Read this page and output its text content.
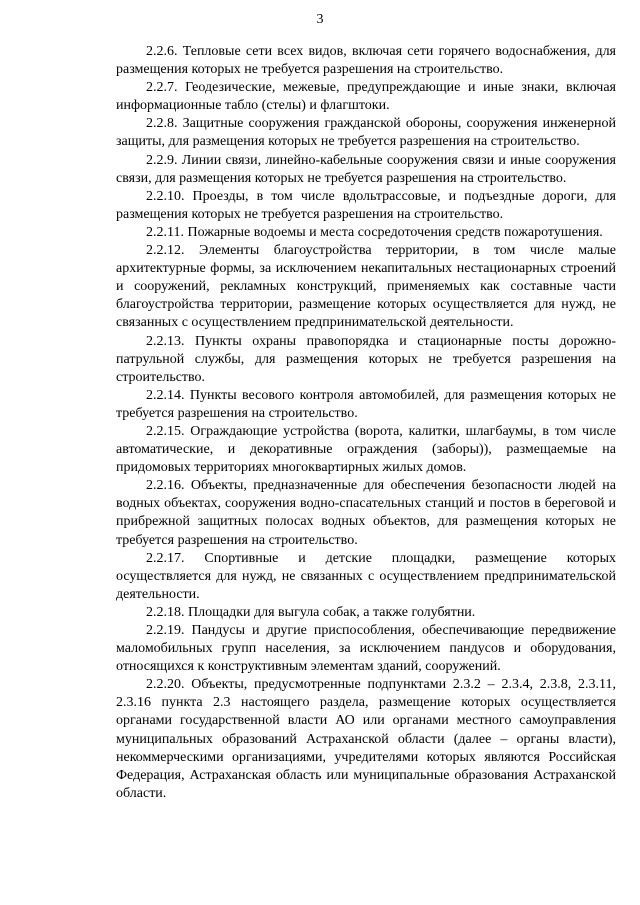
3

2.2.6. Тепловые сети всех видов, включая сети горячего водоснабжения, для размещения которых не требуется разрешения на строительство.

2.2.7. Геодезические, межевые, предупреждающие и иные знаки, включая информационные табло (стелы) и флагштоки.

2.2.8. Защитные сооружения гражданской обороны, сооружения инженерной защиты, для размещения которых не требуется разрешения на строительство.

2.2.9. Линии связи, линейно-кабельные сооружения связи и иные сооружения связи, для размещения которых не требуется разрешения на строительство.

2.2.10. Проезды, в том числе вдольтрассовые, и подъездные дороги, для размещения которых не требуется разрешения на строительство.

2.2.11. Пожарные водоемы и места сосредоточения средств пожаротушения.

2.2.12. Элементы благоустройства территории, в том числе малые архитектурные формы, за исключением некапитальных нестационарных строений и сооружений, рекламных конструкций, применяемых как составные части благоустройства территории, размещение которых осуществляется для нужд, не связанных с осуществлением предпринимательской деятельности.

2.2.13. Пункты охраны правопорядка и стационарные посты дорожно-патрульной службы, для размещения которых не требуется разрешения на строительство.

2.2.14. Пункты весового контроля автомобилей, для размещения которых не требуется разрешения на строительство.

2.2.15. Ограждающие устройства (ворота, калитки, шлагбаумы, в том числе автоматические, и декоративные ограждения (заборы)), размещаемые на придомовых территориях многоквартирных жилых домов.

2.2.16. Объекты, предназначенные для обеспечения безопасности людей на водных объектах, сооружения водно-спасательных станций и постов в береговой и прибрежной защитных полосах водных объектов, для размещения которых не требуется разрешения на строительство.

2.2.17. Спортивные и детские площадки, размещение которых осуществляется для нужд, не связанных с осуществлением предпринимательской деятельности.

2.2.18. Площадки для выгула собак, а также голубятни.

2.2.19. Пандусы и другие приспособления, обеспечивающие передвижение маломобильных групп населения, за исключением пандусов и оборудования, относящихся к конструктивным элементам зданий, сооружений.

2.2.20. Объекты, предусмотренные подпунктами 2.3.2 – 2.3.4, 2.3.8, 2.3.11, 2.3.16 пункта 2.3 настоящего раздела, размещение которых осуществляется органами государственной власти АО или органами местного самоуправления муниципальных образований Астраханской области (далее – органы власти), некоммерческими организациями, учредителями которых являются Российская Федерация, Астраханская область или муниципальные образования Астраханской области.
